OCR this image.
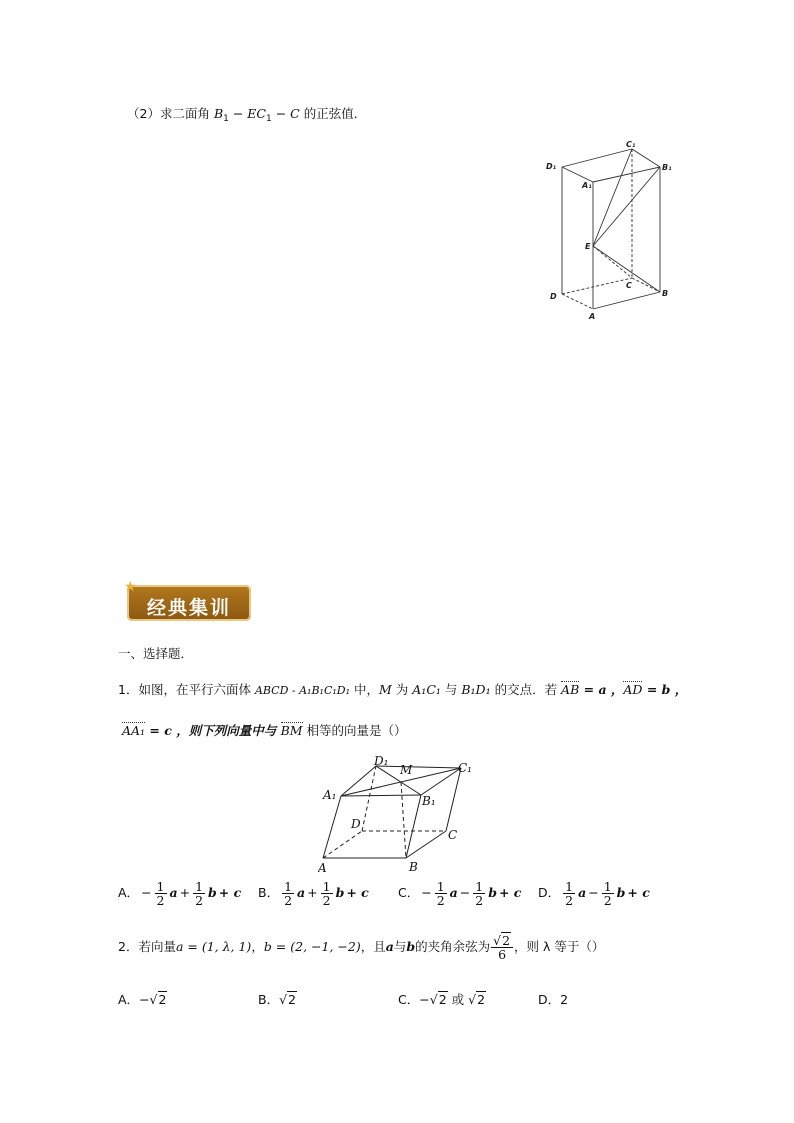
（2）求二面角 $B_1 - EC_1 - C$ 的正弦值．
C₁
D₁
A₁
B₁
E
C
D	B
A
★
经典集训
一、选择题．
1．如图，在平行六面体 ABCD - A₁B₁C₁D₁ 中，M 为 A₁C₁ 与 B₁D₁ 的交点．若 AB = a ，AD = b ，
AA₁ = c ，则下列向量中与 BM 相等的向量是（）
D₁
M	C₁
A₁	B₁
D
C
A	B
A． − $\frac{1}{2}$ $a + \frac{1}{2}$ b + c B． $\frac{1}{2}$ $a + \frac{1}{2}$ b + c C． − $\frac{1}{2}$ $a - \frac{1}{2}$ b + c D． $\frac{1}{2}$ $a - \frac{1}{2}$ b + c
2．若向量 a = (1, λ, 1) ， b = (2, −1, −2) ，且 a 与 b 的夹角余弦为 $\frac{√2}{6}$ ，则 λ 等于（）
A．−√2	B．√2	C．−√2 或 √2	D．2
